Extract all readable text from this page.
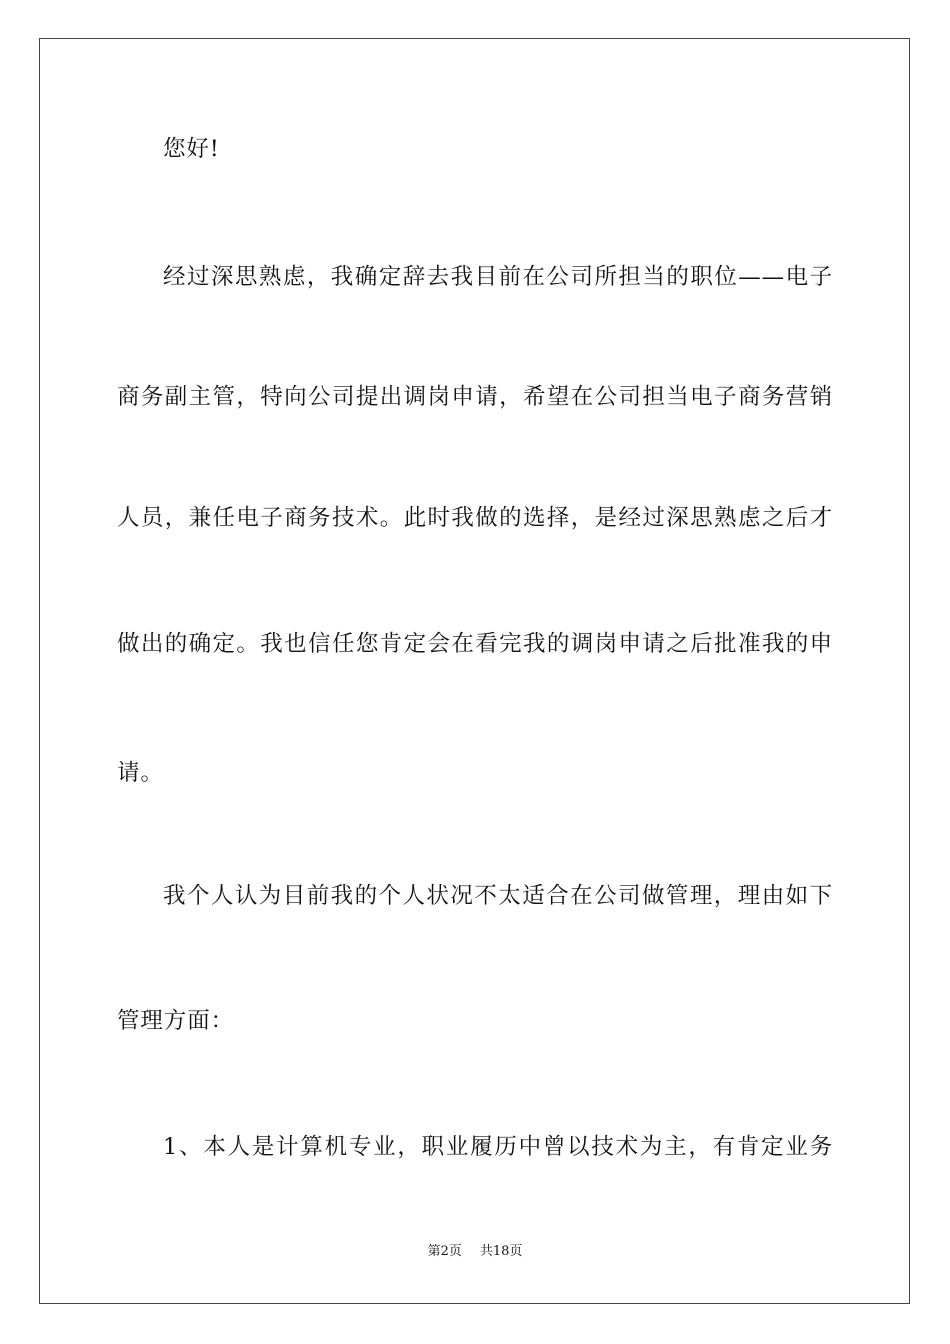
您好!
经过深思熟虑，我确定辞去我目前在公司所担当的职位——电子
商务副主管，特向公司提出调岗申请，希望在公司担当电子商务营销
人员，兼任电子商务技术。此时我做的选择，是经过深思熟虑之后才
做出的确定。我也信任您肯定会在看完我的调岗申请之后批准我的申
请。
我个人认为目前我的个人状况不太适合在公司做管理，理由如下
管理方面：
1、本人是计算机专业，职业履历中曾以技术为主，有肯定业务
第2页 共18页
